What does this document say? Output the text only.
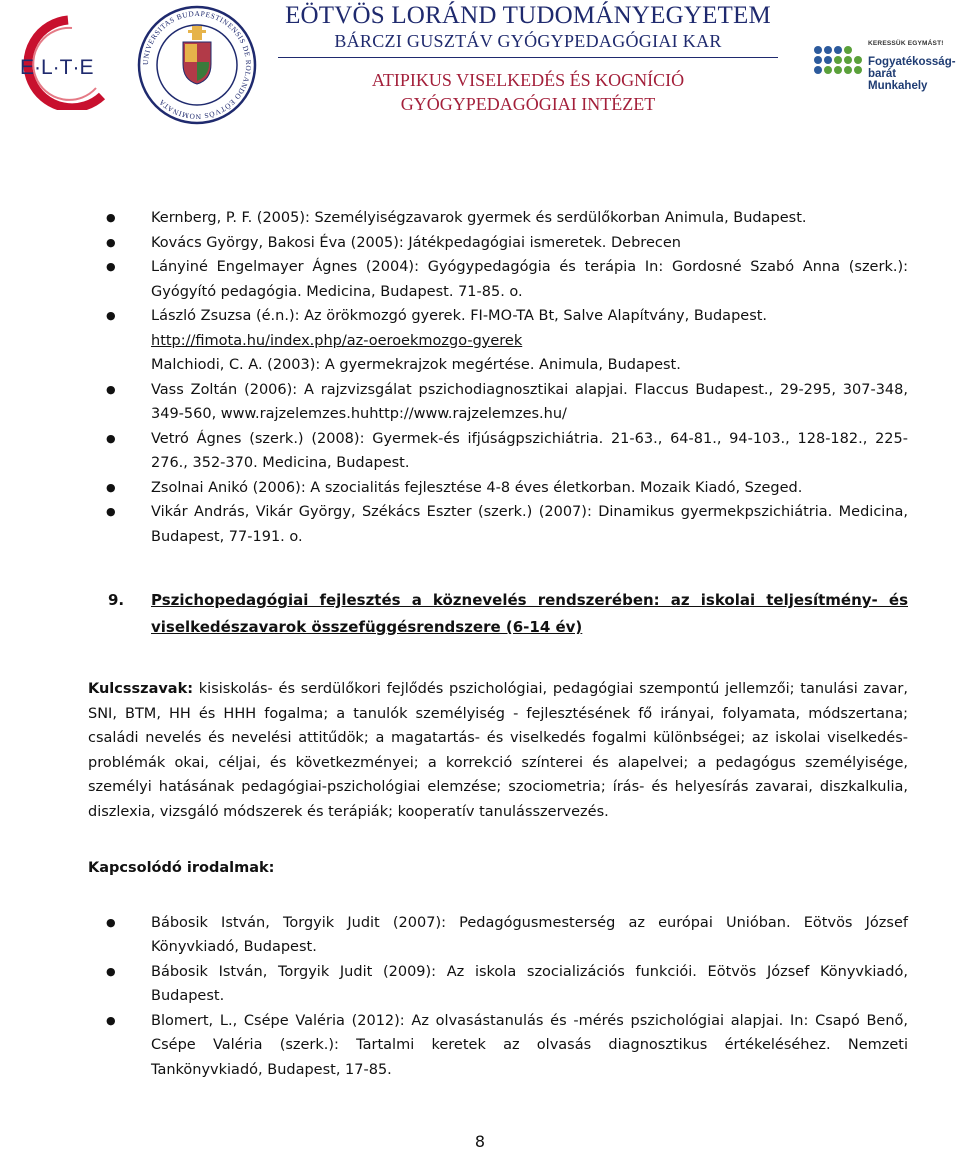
E·L·T·E	UNIVERSITAS BUDAPESTINENSIS DE ROLANDO EÖTVÖS NOMINATA
EÖTVÖS LORÁND TUDOMÁNYEGYETEM
BÁRCZI GUSZTÁV GYÓGYPEDAGÓGIAI KAR
ATIPIKUS VISELKEDÉS ÉS KOGNÍCIÓ
GYÓGYPEDAGÓGIAI INTÉZET
KERESSÜK EGYMÁST!
Fogyatékosság-barát
Munkahely
● Kernberg, P. F. (2005): Személyiségzavarok gyermek és serdülőkorban Animula, Budapest.
● Kovács György, Bakosi Éva (2005): Játékpedagógiai ismeretek. Debrecen
● Lányiné Engelmayer Ágnes (2004): Gyógypedagógia és terápia In: Gordosné Szabó Anna (szerk.): Gyógyító pedagógia. Medicina, Budapest. 71-85. o.
● László Zsuzsa (é.n.): Az örökmozgó gyerek. FI-MO-TA Bt, Salve Alapítvány, Budapest.
http://fimota.hu/index.php/az-oeroekmozgo-gyerek
Malchiodi, C. A. (2003): A gyermekrajzok megértése. Animula, Budapest.
● Vass Zoltán (2006): A rajzvizsgálat pszichodiagnosztikai alapjai. Flaccus Budapest., 29-295, 307-348, 349-560, www.rajzelemzes.huhttp://www.rajzelemzes.hu/
● Vetró Ágnes (szerk.) (2008): Gyermek-és ifjúságpszichiátria. 21-63., 64-81., 94-103., 128-182., 225-276., 352-370. Medicina, Budapest.
● Zsolnai Anikó (2006): A szocialitás fejlesztése 4-8 éves életkorban. Mozaik Kiadó, Szeged.
● Vikár András, Vikár György, Székács Eszter (szerk.) (2007): Dinamikus gyermekpszichiátria. Medicina, Budapest, 77-191. o.
9. Pszichopedagógiai fejlesztés a köznevelés rendszerében: az iskolai teljesítmény- és viselkedészavarok összefüggésrendszere (6-14 év)
Kulcsszavak: kisiskolás- és serdülőkori fejlődés pszichológiai, pedagógiai szempontú jellemzői; tanulási zavar, SNI, BTM, HH és HHH fogalma; a tanulók személyiség - fejlesztésének fő irányai, folyamata, módszertana; családi nevelés és nevelési attitűdök; a magatartás- és viselkedés fogalmi különbségei; az iskolai viselkedés-problémák okai, céljai, és következményei; a korrekció színterei és alapelvei; a pedagógus személyisége, személyi hatásának pedagógiai-pszichológiai elemzése; szociometria; írás- és helyesírás zavarai, diszkalkulia, diszlexia, vizsgáló módszerek és terápiák; kooperatív tanulásszervezés.
Kapcsolódó irodalmak:
● Bábosik István, Torgyik Judit (2007): Pedagógusmesterség az európai Unióban. Eötvös József Könyvkiadó, Budapest.
● Bábosik István, Torgyik Judit (2009): Az iskola szocializációs funkciói. Eötvös József Könyvkiadó, Budapest.
● Blomert, L., Csépe Valéria (2012): Az olvasástanulás és -mérés pszichológiai alapjai. In: Csapó Benő, Csépe Valéria (szerk.): Tartalmi keretek az olvasás diagnosztikus értékeléséhez. Nemzeti Tankönyvkiadó, Budapest, 17-85.
8
